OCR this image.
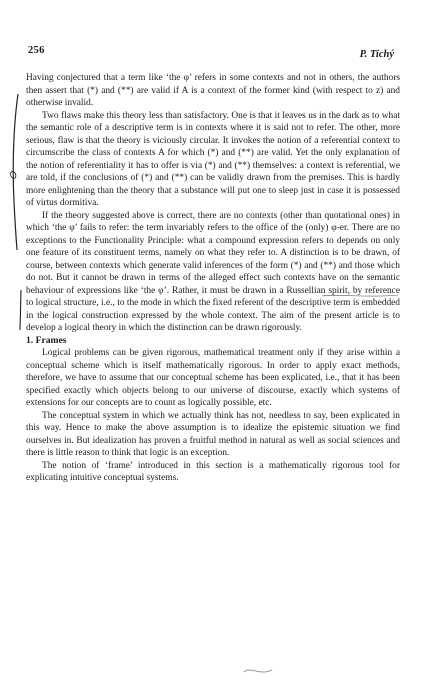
256	P. Tichý

Having conjectured that a term like ‘the φ’ refers in some contexts and not in others, the authors then assert that (*) and (**) are valid if A is a context of the former kind (with respect to z) and otherwise invalid.

Two flaws make this theory less than satisfactory. One is that it leaves us in the dark as to what the semantic role of a descriptive term is in contexts where it is said not to refer. The other, more serious, flaw is that the theory is viciously circular. It invokes the notion of a referential context to circumscribe the class of contexts A for which (*) and (**) are valid. Yet the only explanation of the notion of referentiality it has to offer is via (*) and (**) themselves: a context is referential, we are told, if the conclusions of (*) and (**) can be validly drawn from the premises. This is hardly more enlightening than the theory that a substance will put one to sleep just in case it is possessed of virtus dormitiva.

If the theory suggested above is correct, there are no contexts (other than quotational ones) in which ‘the φ’ fails to refer: the term invariably refers to the office of the (only) φ-er. There are no exceptions to the Functionality Principle: what a compound expression refers to depends on only one feature of its constituent terms, namely on what they refer to. A distinction is to be drawn, of course, between contexts which generate valid inferences of the form (*) and (**) and those which do not. But it cannot be drawn in terms of the alleged effect such contexts have on the semantic behaviour of expressions like ‘the φ’. Rather, it must be drawn in a Russellian spirit, by reference to logical structure, i.e., to the mode in which the fixed referent of the descriptive term is embedded in the logical construction expressed by the whole context. The aim of the present article is to develop a logical theory in which the distinction can be drawn rigorously.

1. Frames

Logical problems can be given rigorous, mathematical treatment only if they arise within a conceptual scheme which is itself mathematically rigorous. In order to apply exact methods, therefore, we have to assume that our conceptual scheme has been explicated, i.e., that it has been specified exactly which objects belong to our universe of discourse, exactly which systems of extensions for our concepts are to count as logically possible, etc.

The conceptual system in which we actually think has not, needless to say, been explicated in this way. Hence to make the above assumption is to idealize the epistemic situation we find ourselves in. But idealization has proven a fruitful method in natural as well as social sciences and there is little reason to think that logic is an exception.

The notion of ‘frame’ introduced in this section is a mathematically rigorous tool for explicating intuitive conceptual systems.
